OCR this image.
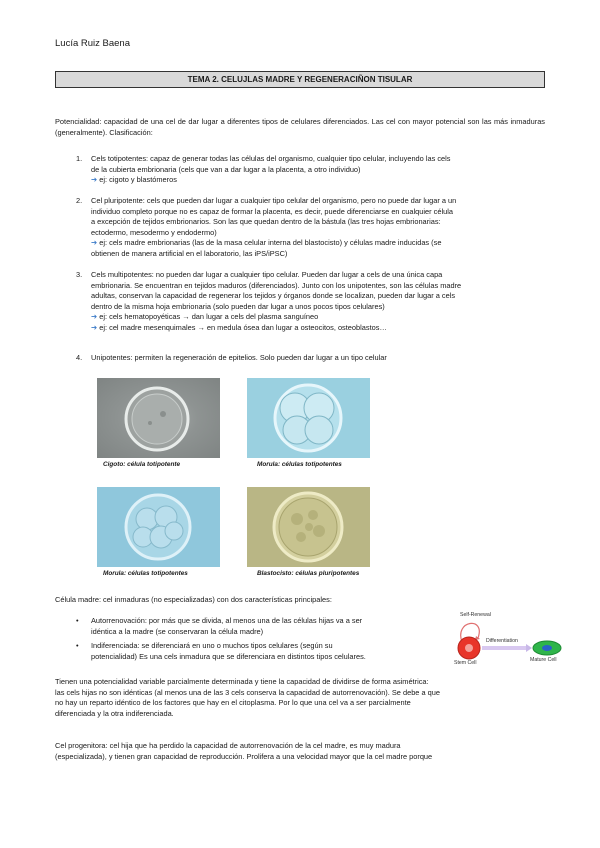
Lucía Ruiz Baena
TEMA 2. CELUJLAS MADRE Y REGENERACIÑON TISULAR
Potencialidad: capacidad de una cel de dar lugar a diferentes tipos de celulares diferenciados. Las cel con mayor potencial son las más inmaduras (generalmente). Clasificación:
1. Cels totipotentes: capaz de generar todas las células del organismo, cualquier tipo celular, incluyendo las cels
de la cubierta embrionaria (cels que van a dar lugar a la placenta, a otro individuo)
➔ ej: cigoto y blastómeros
2. Cel pluripotente: cels que pueden dar lugar a cualquier tipo celular del organismo, pero no puede dar lugar a un
individuo completo porque no es capaz de formar la placenta, es decir, puede diferenciarse en cualquier célula
a excepción de tejidos embrionarios. Son las que quedan dentro de la bástula (las tres hojas embrionarias:
ectodermo, mesodermo y endodermo)
➔ ej: cels madre embrionarias (las de la masa celular interna del blastocisto) y células madre inducidas (se
obtienen de manera artificial en el laboratorio, las iPS/iPSC)
3. Cels multipotentes: no pueden dar lugar a cualquier tipo celular. Pueden dar lugar a cels de una única capa
embrionaria. Se encuentran en tejidos maduros (diferenciados). Junto con los unipotentes, son las células madre
adultas, conservan la capacidad de regenerar los tejidos y órganos donde se localizan, pueden dar lugar a cels
dentro de la misma hoja embrionaria (solo pueden dar lugar a unos pocos tipos celulares)
➔ ej: cels hematopoyéticas → dan lugar a cels del plasma sanguíneo
➔ ej: cel madre mesenquimales → en medula ósea dan lugar a osteocitos, osteoblastos…
4. Unipotentes: permiten la regeneración de epitelios. Solo pueden dar lugar a un tipo celular
Cigoto: célula totipotente	Morula: células totipotentes
Morula: células totipotentes	Blastocisto: células pluripotentes
Célula madre: cel inmaduras (no especializadas) con dos características principales:
• Autorrenovación: por más que se divida, al menos una de las células hijas va a ser
idéntica a la madre (se conservaran la célula madre)
• Indiferenciada: se diferenciará en uno o muchos tipos celulares (según su
potencialidad) Es una cels inmadura que se diferenciara en distintos tipos celulares.
Self-Renewal
Differentiation
Stem Cell	Mature Cell
Tienen una potencialidad variable parcialmente determinada y tiene la capacidad de dividirse de forma asimétrica:
las cels hijas no son idénticas (al menos una de las 3 cels conserva la capacidad de autorrenovación). Se debe a que
no hay un reparto idéntico de los factores que hay en el citoplasma. Por lo que una cel va a ser parcialmente
diferenciada y la otra indiferenciada.
Cel progenitora: cel hija que ha perdido la capacidad de autorrenovación de la cel madre, es muy madura
(especializada), y tienen gran capacidad de reproducción. Prolifera a una velocidad mayor que la cel madre porque
